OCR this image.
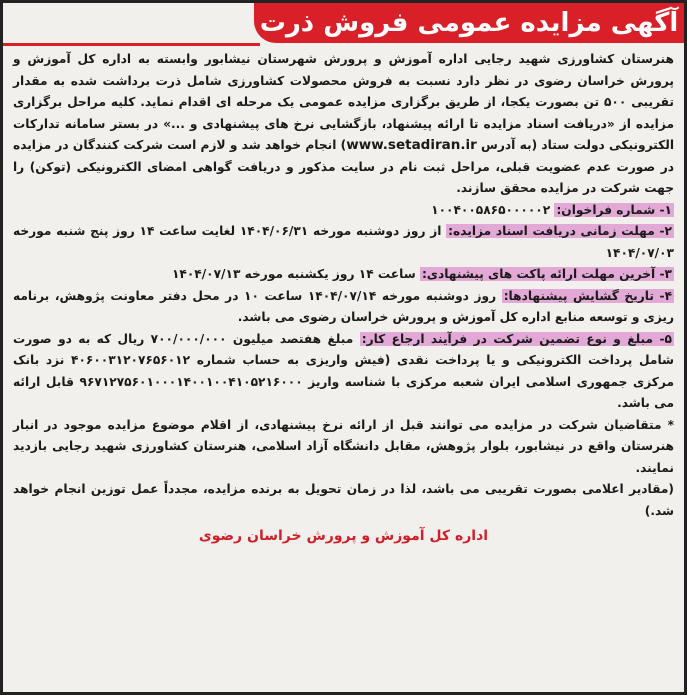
آگهی مزایده عمومی فروش ذرت

هنرستان کشاورزی شهید رجایی اداره آموزش و پرورش شهرستان نیشابور وابسته به اداره کل آموزش و پرورش خراسان رضوی در نظر دارد نسبت به فروش محصولات کشاورزی شامل ذرت برداشت شده به مقدار تقریبی ۵۰۰ تن بصورت یکجا، از طریق برگزاری مزایده عمومی یک مرحله ای اقدام نماید. کلیه مراحل برگزاری مزایده از «دریافت اسناد مزایده تا ارائه پیشنهاد، بازگشایی نرخ های پیشنهادی و ...» در بستر سامانه تدارکات الکترونیکی دولت ستاد (به آدرس www.setadiran.ir) انجام خواهد شد و لازم است شرکت کنندگان در مزایده در صورت عدم عضویت قبلی، مراحل ثبت نام در سایت مذکور و دریافت گواهی امضای الکترونیکی (توکن) را جهت شرکت در مزایده محقق سازند.

۱- شماره فراخوان: ۱۰۰۴۰۰۵۸۶۵۰۰۰۰۰۲

۲- مهلت زمانی دریافت اسناد مزایده: از روز دوشنبه مورخه ۱۴۰۴/۰۶/۳۱ لغایت ساعت ۱۴ روز پنج شنبه مورخه ۱۴۰۴/۰۷/۰۳

۳- آخرین مهلت ارائه پاکت های پیشنهادی: ساعت ۱۴ روز یکشنبه مورخه ۱۴۰۴/۰۷/۱۳

۴- تاریخ گشایش پیشنهادها: روز دوشنبه مورخه ۱۴۰۴/۰۷/۱۴ ساعت ۱۰ در محل دفتر معاونت پژوهش، برنامه ریزی و توسعه منابع اداره کل آموزش و پرورش خراسان رضوی می باشد.

۵- مبلغ و نوع تضمین شرکت در فرآیند ارجاع کار: مبلغ هفتصد میلیون ۷۰۰/۰۰۰/۰۰۰ ریال که به دو صورت شامل پرداخت الکترونیکی و یا پرداخت نقدی (فیش واریزی به حساب شماره ۴۰۶۰۰۳۱۲۰۷۶۵۶۰۱۲ نزد بانک مرکزی جمهوری اسلامی ایران شعبه مرکزی با شناسه واریز ۹۶۷۱۲۷۵۶۰۱۰۰۰۱۴۰۰۱۰۰۴۱۰۵۲۱۶۰۰۰ قابل ارائه می باشد.

* متقاضیان شرکت در مزایده می توانند قبل از ارائه نرخ پیشنهادی، از اقلام موضوع مزایده موجود در انبار هنرستان واقع در نیشابور، بلوار پژوهش، مقابل دانشگاه آزاد اسلامی، هنرستان کشاورزی شهید رجایی بازدید نمایند.

(مقادیر اعلامی بصورت تقریبی می باشد، لذا در زمان تحویل به برنده مزایده، مجدداً عمل توزین انجام خواهد شد.)

اداره کل آموزش و پرورش خراسان رضوی
